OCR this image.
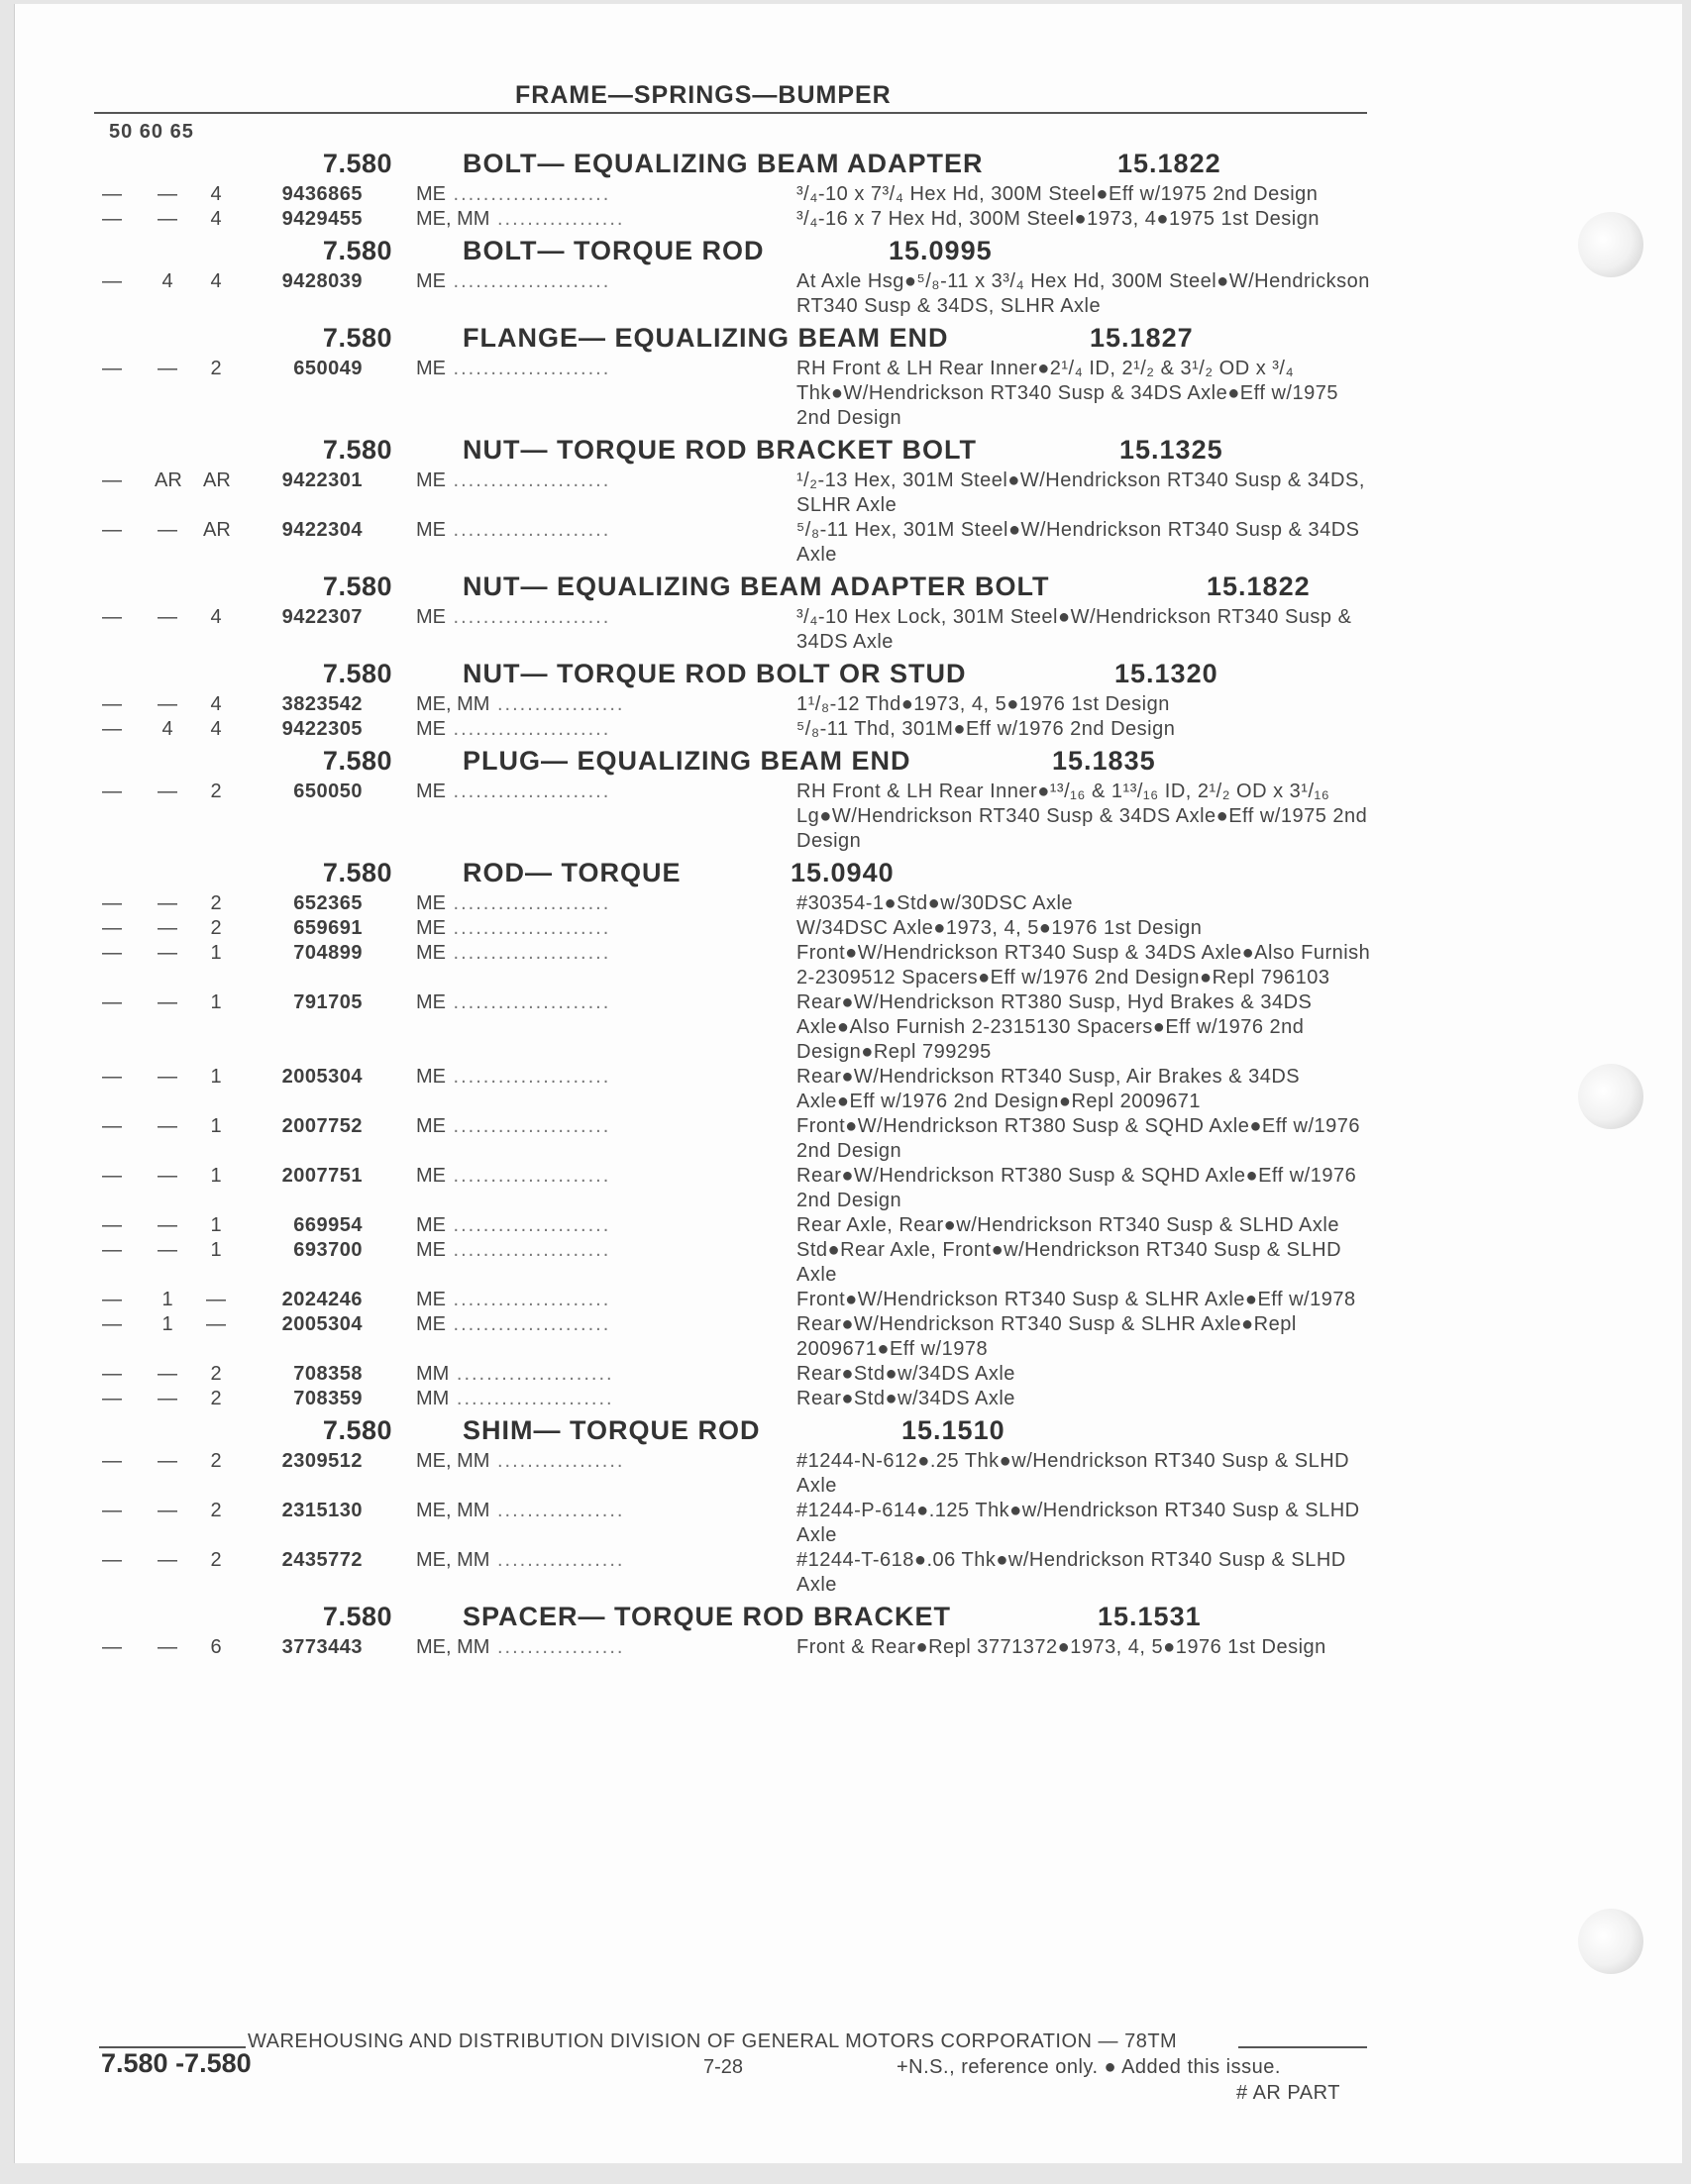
FRAME—SPRINGS—BUMPER
50 60 65
7.580	BOLT— EQUALIZING BEAM ADAPTER	15.1822
— —	4	9436865	ME .....................	³/₄-10 x 7³/₄ Hex Hd, 300M Steel●Eff w/1975 2nd Design
— —	4	9429455	ME, MM .................	³/₄-16 x 7 Hex Hd, 300M Steel●1973, 4●1975 1st Design
7.580	BOLT— TORQUE ROD	15.0995
—	4	4	9428039	ME .....................	At Axle Hsg●⁵/₈-11 x 3³/₄ Hex Hd, 300M Steel●W/Hendrickson RT340 Susp & 34DS, SLHR Axle
7.580	FLANGE— EQUALIZING BEAM END	15.1827
— —	2	650049	ME .....................	RH Front & LH Rear Inner●2¹/₄ ID, 2¹/₂ & 3¹/₂ OD x ³/₄ Thk●W/Hendrickson RT340 Susp & 34DS Axle●Eff w/1975 2nd Design
7.580	NUT— TORQUE ROD BRACKET BOLT	15.1325
— AR AR	9422301	ME .....................	¹/₂-13 Hex, 301M Steel●W/Hendrickson RT340 Susp & 34DS, SLHR Axle
— — AR	9422304	ME .....................	⁵/₈-11 Hex, 301M Steel●W/Hendrickson RT340 Susp & 34DS Axle
7.580	NUT— EQUALIZING BEAM ADAPTER BOLT	15.1822
— —	4	9422307	ME .....................	³/₄-10 Hex Lock, 301M Steel●W/Hendrickson RT340 Susp & 34DS Axle
7.580	NUT— TORQUE ROD BOLT OR STUD	15.1320
— —	4	3823542	ME, MM .................	1¹/₈-12 Thd●1973, 4, 5●1976 1st Design
—	4	4	9422305	ME .....................	⁵/₈-11 Thd, 301M●Eff w/1976 2nd Design
7.580	PLUG— EQUALIZING BEAM END	15.1835
— —	2	650050	ME .....................	RH Front & LH Rear Inner●¹³/₁₆ & 1¹³/₁₆ ID, 2¹/₂ OD x 3¹/₁₆ Lg●W/Hendrickson RT340 Susp & 34DS Axle●Eff w/1975 2nd Design
7.580	ROD— TORQUE	15.0940
— —	2	652365	ME .....................	#30354-1●Std●w/30DSC Axle
— —	2	659691	ME .....................	W/34DSC Axle●1973, 4, 5●1976 1st Design
— —	1	704899	ME .....................	Front●W/Hendrickson RT340 Susp & 34DS Axle●Also Furnish 2-2309512 Spacers●Eff w/1976 2nd Design●Repl 796103
— —	1	791705	ME .....................	Rear●W/Hendrickson RT380 Susp, Hyd Brakes & 34DS Axle●Also Furnish 2-2315130 Spacers●Eff w/1976 2nd Design●Repl 799295
— —	1	2005304	ME .....................	Rear●W/Hendrickson RT340 Susp, Air Brakes & 34DS Axle●Eff w/1976 2nd Design●Repl 2009671
— —	1	2007752	ME .....................	Front●W/Hendrickson RT380 Susp & SQHD Axle●Eff w/1976 2nd Design
— —	1	2007751	ME .....................	Rear●W/Hendrickson RT380 Susp & SQHD Axle●Eff w/1976 2nd Design
— —	1	669954	ME .....................	Rear Axle, Rear●w/Hendrickson RT340 Susp & SLHD Axle
— —	1	693700	ME .....................	Std●Rear Axle, Front●w/Hendrickson RT340 Susp & SLHD Axle
—	1	—	2024246	ME .....................	Front●W/Hendrickson RT340 Susp & SLHR Axle●Eff w/1978
—	1	—	2005304	ME .....................	Rear●W/Hendrickson RT340 Susp & SLHR Axle●Repl 2009671●Eff w/1978
— —	2	708358	MM .....................	Rear●Std●w/34DS Axle
— —	2	708359	MM .....................	Rear●Std●w/34DS Axle
7.580	SHIM— TORQUE ROD	15.1510
— —	2	2309512	ME, MM .................	#1244-N-612●.25 Thk●w/Hendrickson RT340 Susp & SLHD Axle
— —	2	2315130	ME, MM .................	#1244-P-614●.125 Thk●w/Hendrickson RT340 Susp & SLHD Axle
— —	2	2435772	ME, MM .................	#1244-T-618●.06 Thk●w/Hendrickson RT340 Susp & SLHD Axle
7.580	SPACER— TORQUE ROD BRACKET	15.1531
— —	6	3773443	ME, MM .................	Front & Rear●Repl 3771372●1973, 4, 5●1976 1st Design
WAREHOUSING AND DISTRIBUTION DIVISION OF GENERAL MOTORS CORPORATION — 78TM
7.580 -7.580	7-28	+N.S., reference only. ● Added this issue.
# AR PART
